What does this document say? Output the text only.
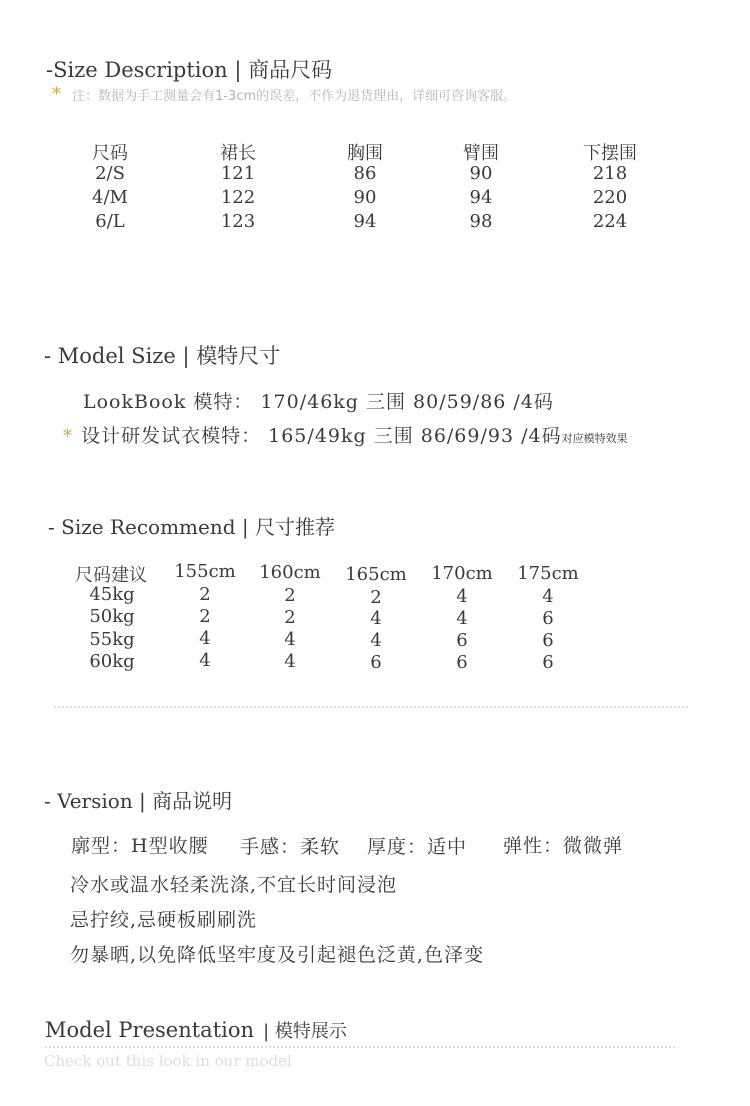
-Size Description | 商品尺码
* 注：数据为手工测量会有1-3cm的误差，不作为退货理由，详细可咨询客服。
尺码	裙长	胸围	臂围	下摆围
2/S	121	86	90	218
4/M	122	90	94	220
6/L	123	94	98	224
- Model Size | 模特尺寸
LookBook 模特： 170/46kg 三围 80/59/86 /4码
* 设计研发试衣模特： 165/49kg 三围 86/69/93 /4码对应模特效果
- Size Recommend | 尺寸推荐
尺码建议	155cm	160cm	165cm	170cm	175cm
45kg	2	2	2	4	4
50kg	2	2	4	4	6
55kg	4	4	4	6	6
60kg	4	4	6	6	6
- Version | 商品说明
廓型：H型收腰 手感：柔软 厚度：适中 弹性：微微弹
冷水或温水轻柔洗涤,不宜长时间浸泡
忌拧绞,忌硬板刷刷洗
勿暴晒,以免降低坚牢度及引起褪色泛黄,色泽变
Model Presentation | 模特展示
Check out this look in our model
